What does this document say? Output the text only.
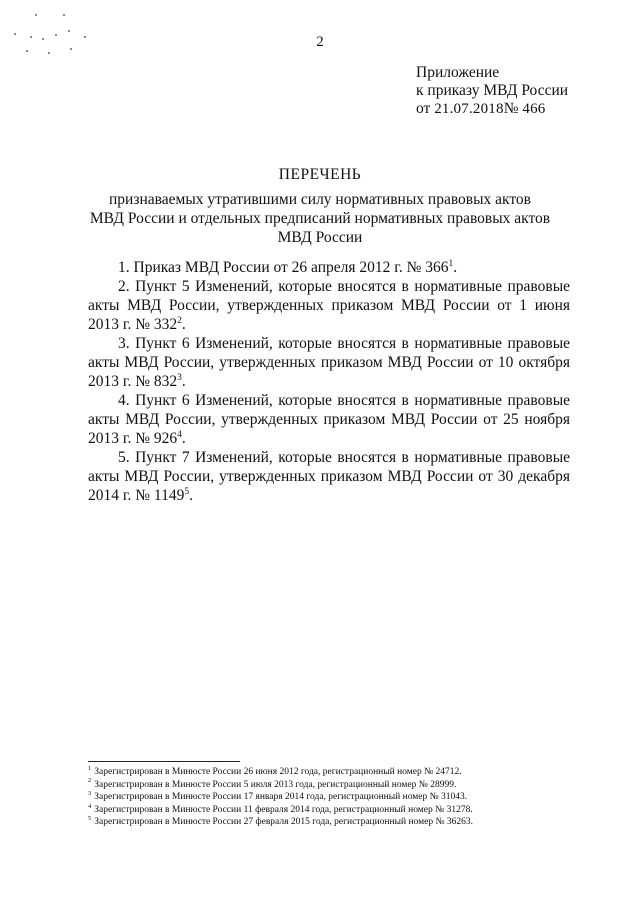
2
Приложение
к приказу МВД России
от 21.07.2018№ 466
ПЕРЕЧЕНЬ
признаваемых утратившими силу нормативных правовых актов
МВД России и отдельных предписаний нормативных правовых актов
МВД России

1. Приказ МВД России от 26 апреля 2012 г. № $366^1$.

2. Пункт 5 Изменений, которые вносятся в нормативные правовые акты МВД России, утвержденных приказом МВД России от 1 июня 2013 г. № $332^2$.

3. Пункт 6 Изменений, которые вносятся в нормативные правовые акты МВД России, утвержденных приказом МВД России от 10 октября 2013 г. № $832^3$.

4. Пункт 6 Изменений, которые вносятся в нормативные правовые акты МВД России, утвержденных приказом МВД России от 25 ноября 2013 г. № $926^4$.

5. Пункт 7 Изменений, которые вносятся в нормативные правовые акты МВД России, утвержденных приказом МВД России от 30 декабря 2014 г. № 1149$^5$.

$^1$ Зарегистрирован в Минюсте России 26 июня 2012 года, регистрационный номер № 24712.
$^2$ Зарегистрирован в Минюсте России 5 июля 2013 года, регистрационный номер № 28999.
$^3$ Зарегистрирован в Минюсте России 17 января 2014 года, регистрационный номер № 31043.
$^4$ Зарегистрирован в Минюсте России 11 февраля 2014 года, регистрационный номер № 31278.
$^5$ Зарегистрирован в Минюсте России 27 февраля 2015 года, регистрационный номер № 36263.
